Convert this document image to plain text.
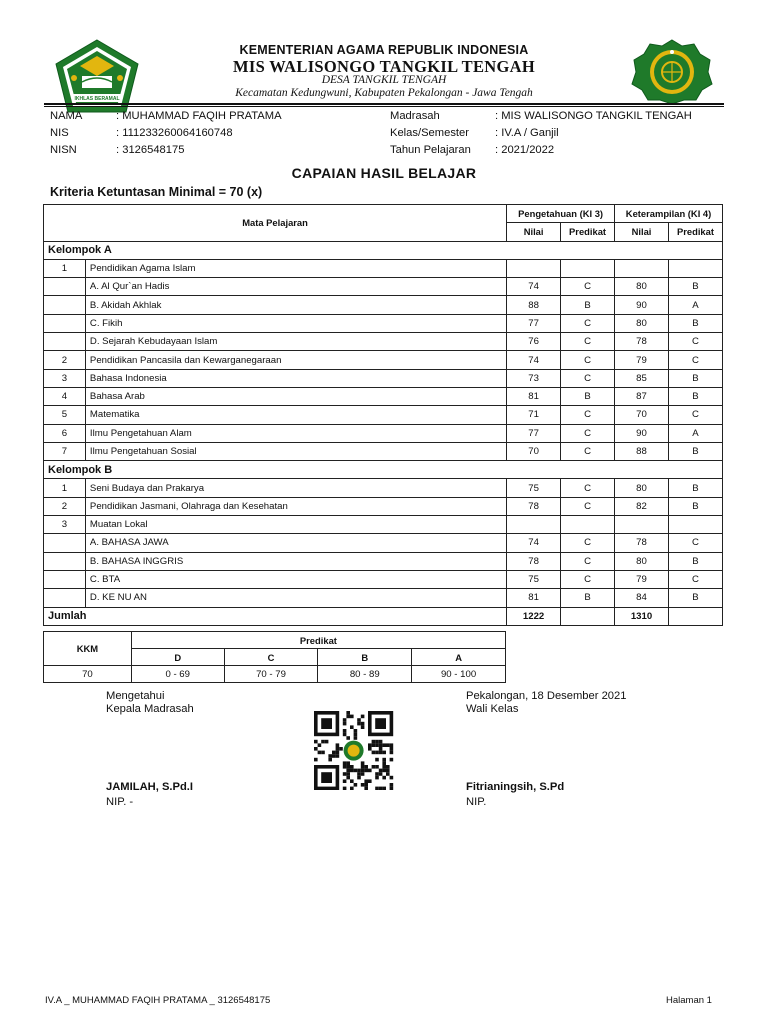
IKHLAS BERAMAL
KEMENTERIAN AGAMA REPUBLIK INDONESIA
MIS WALISONGO TANGKIL TENGAH
DESA TANGKIL TENGAH
Kecamatan Kedungwuni, Kabupaten Pekalongan - Jawa Tengah
NAMA	: MUHAMMAD FAQIH PRATAMA
NIS	: 111233260064160748
NISN	: 3126548175
Madrasah	: MIS WALISONGO TANGKIL TENGAH
Kelas/Semester : IV.A / Ganjil
Tahun Pelajaran : 2021/2022
CAPAIAN HASIL BELAJAR
Kriteria Ketuntasan Minimal = 70 (x)
Mata Pelajaran		Pengetahuan (KI 3)		Keterampilan (KI 4)	
		Nilai	Predikat	Nilai	Predikat
Kelompok A					
1	Pendidikan Agama Islam				
	A. Al Qur`an Hadis	74	C	80	B
	B. Akidah Akhlak	88	B	90	A
	C. Fikih	77	C	80	B
	D. Sejarah Kebudayaan Islam	76	C	78	C
2	Pendidikan Pancasila dan Kewarganegaraan	74	C	79	C
3	Bahasa Indonesia	73	C	85	B
4	Bahasa Arab	81	B	87	B
5	Matematika	71	C	70	C
6	Ilmu Pengetahuan Alam	77	C	90	A
7	Ilmu Pengetahuan Sosial	70	C	88	B
Kelompok B					
1	Seni Budaya dan Prakarya	75	C	80	B
2	Pendidikan Jasmani, Olahraga dan Kesehatan	78	C	82	B
3	Muatan Lokal				
	A. BAHASA JAWA	74	C	78	C
	B. BAHASA INGGRIS	78	C	80	B
	C. BTA	75	C	79	C
	D. KE NU AN	81	B	84	B
Jumlah		1222		1310	
KKM	Predikat			
	D	C	B	A
70	0 - 69	70 - 79	80 - 89	90 - 100
Mengetahui
Kepala Madrasah
JAMILAH, S.Pd.I
NIP. -
Pekalongan, 18 Desember 2021
Wali Kelas
Fitrianingsih, S.Pd
NIP.
IV.A _ MUHAMMAD FAQIH PRATAMA _ 3126548175	Halaman 1
